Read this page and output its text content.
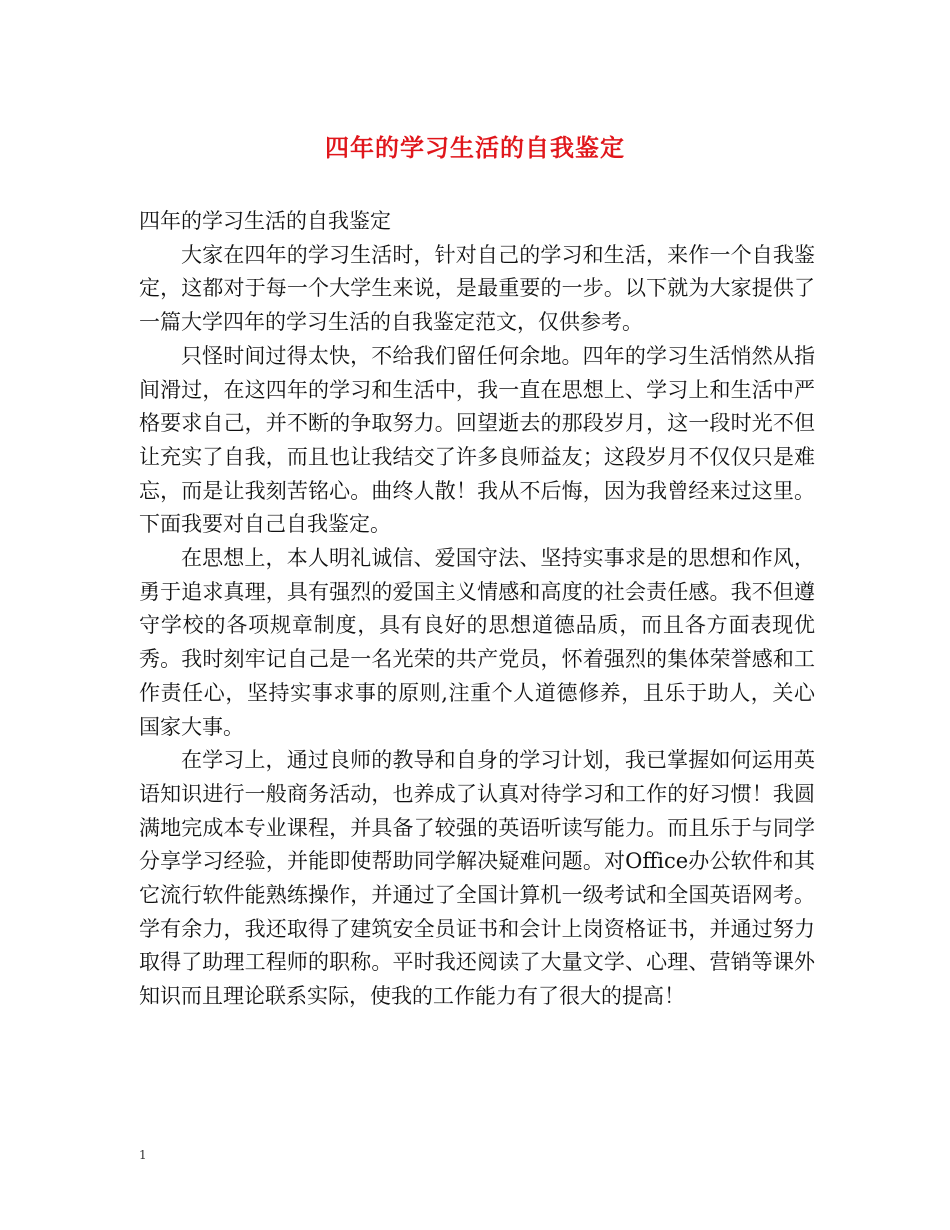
四年的学习生活的自我鉴定

四年的学习生活的自我鉴定

大家在四年的学习生活时，针对自己的学习和生活，来作一个自我鉴定，这都对于每一个大学生来说，是最重要的一步。以下就为大家提供了一篇大学四年的学习生活的自我鉴定范文，仅供参考。

只怪时间过得太快，不给我们留任何余地。四年的学习生活悄然从指间滑过，在这四年的学习和生活中，我一直在思想上、学习上和生活中严格要求自己，并不断的争取努力。回望逝去的那段岁月，这一段时光不但让充实了自我，而且也让我结交了许多良师益友；这段岁月不仅仅只是难忘，而是让我刻苦铭心。曲终人散！我从不后悔，因为我曾经来过这里。下面我要对自己自我鉴定。

在思想上，本人明礼诚信、爱国守法、坚持实事求是的思想和作风，勇于追求真理，具有强烈的爱国主义情感和高度的社会责任感。我不但遵守学校的各项规章制度，具有良好的思想道德品质，而且各方面表现优秀。我时刻牢记自己是一名光荣的共产党员，怀着强烈的集体荣誉感和工作责任心，坚持实事求事的原则,注重个人道德修养，且乐于助人，关心国家大事。

在学习上，通过良师的教导和自身的学习计划，我已掌握如何运用英语知识进行一般商务活动，也养成了认真对待学习和工作的好习惯！我圆满地完成本专业课程，并具备了较强的英语听读写能力。而且乐于与同学分享学习经验，并能即使帮助同学解决疑难问题。对Office办公软件和其它流行软件能熟练操作，并通过了全国计算机一级考试和全国英语网考。学有余力，我还取得了建筑安全员证书和会计上岗资格证书，并通过努力取得了助理工程师的职称。平时我还阅读了大量文学、心理、营销等课外知识而且理论联系实际，使我的工作能力有了很大的提高！

1
